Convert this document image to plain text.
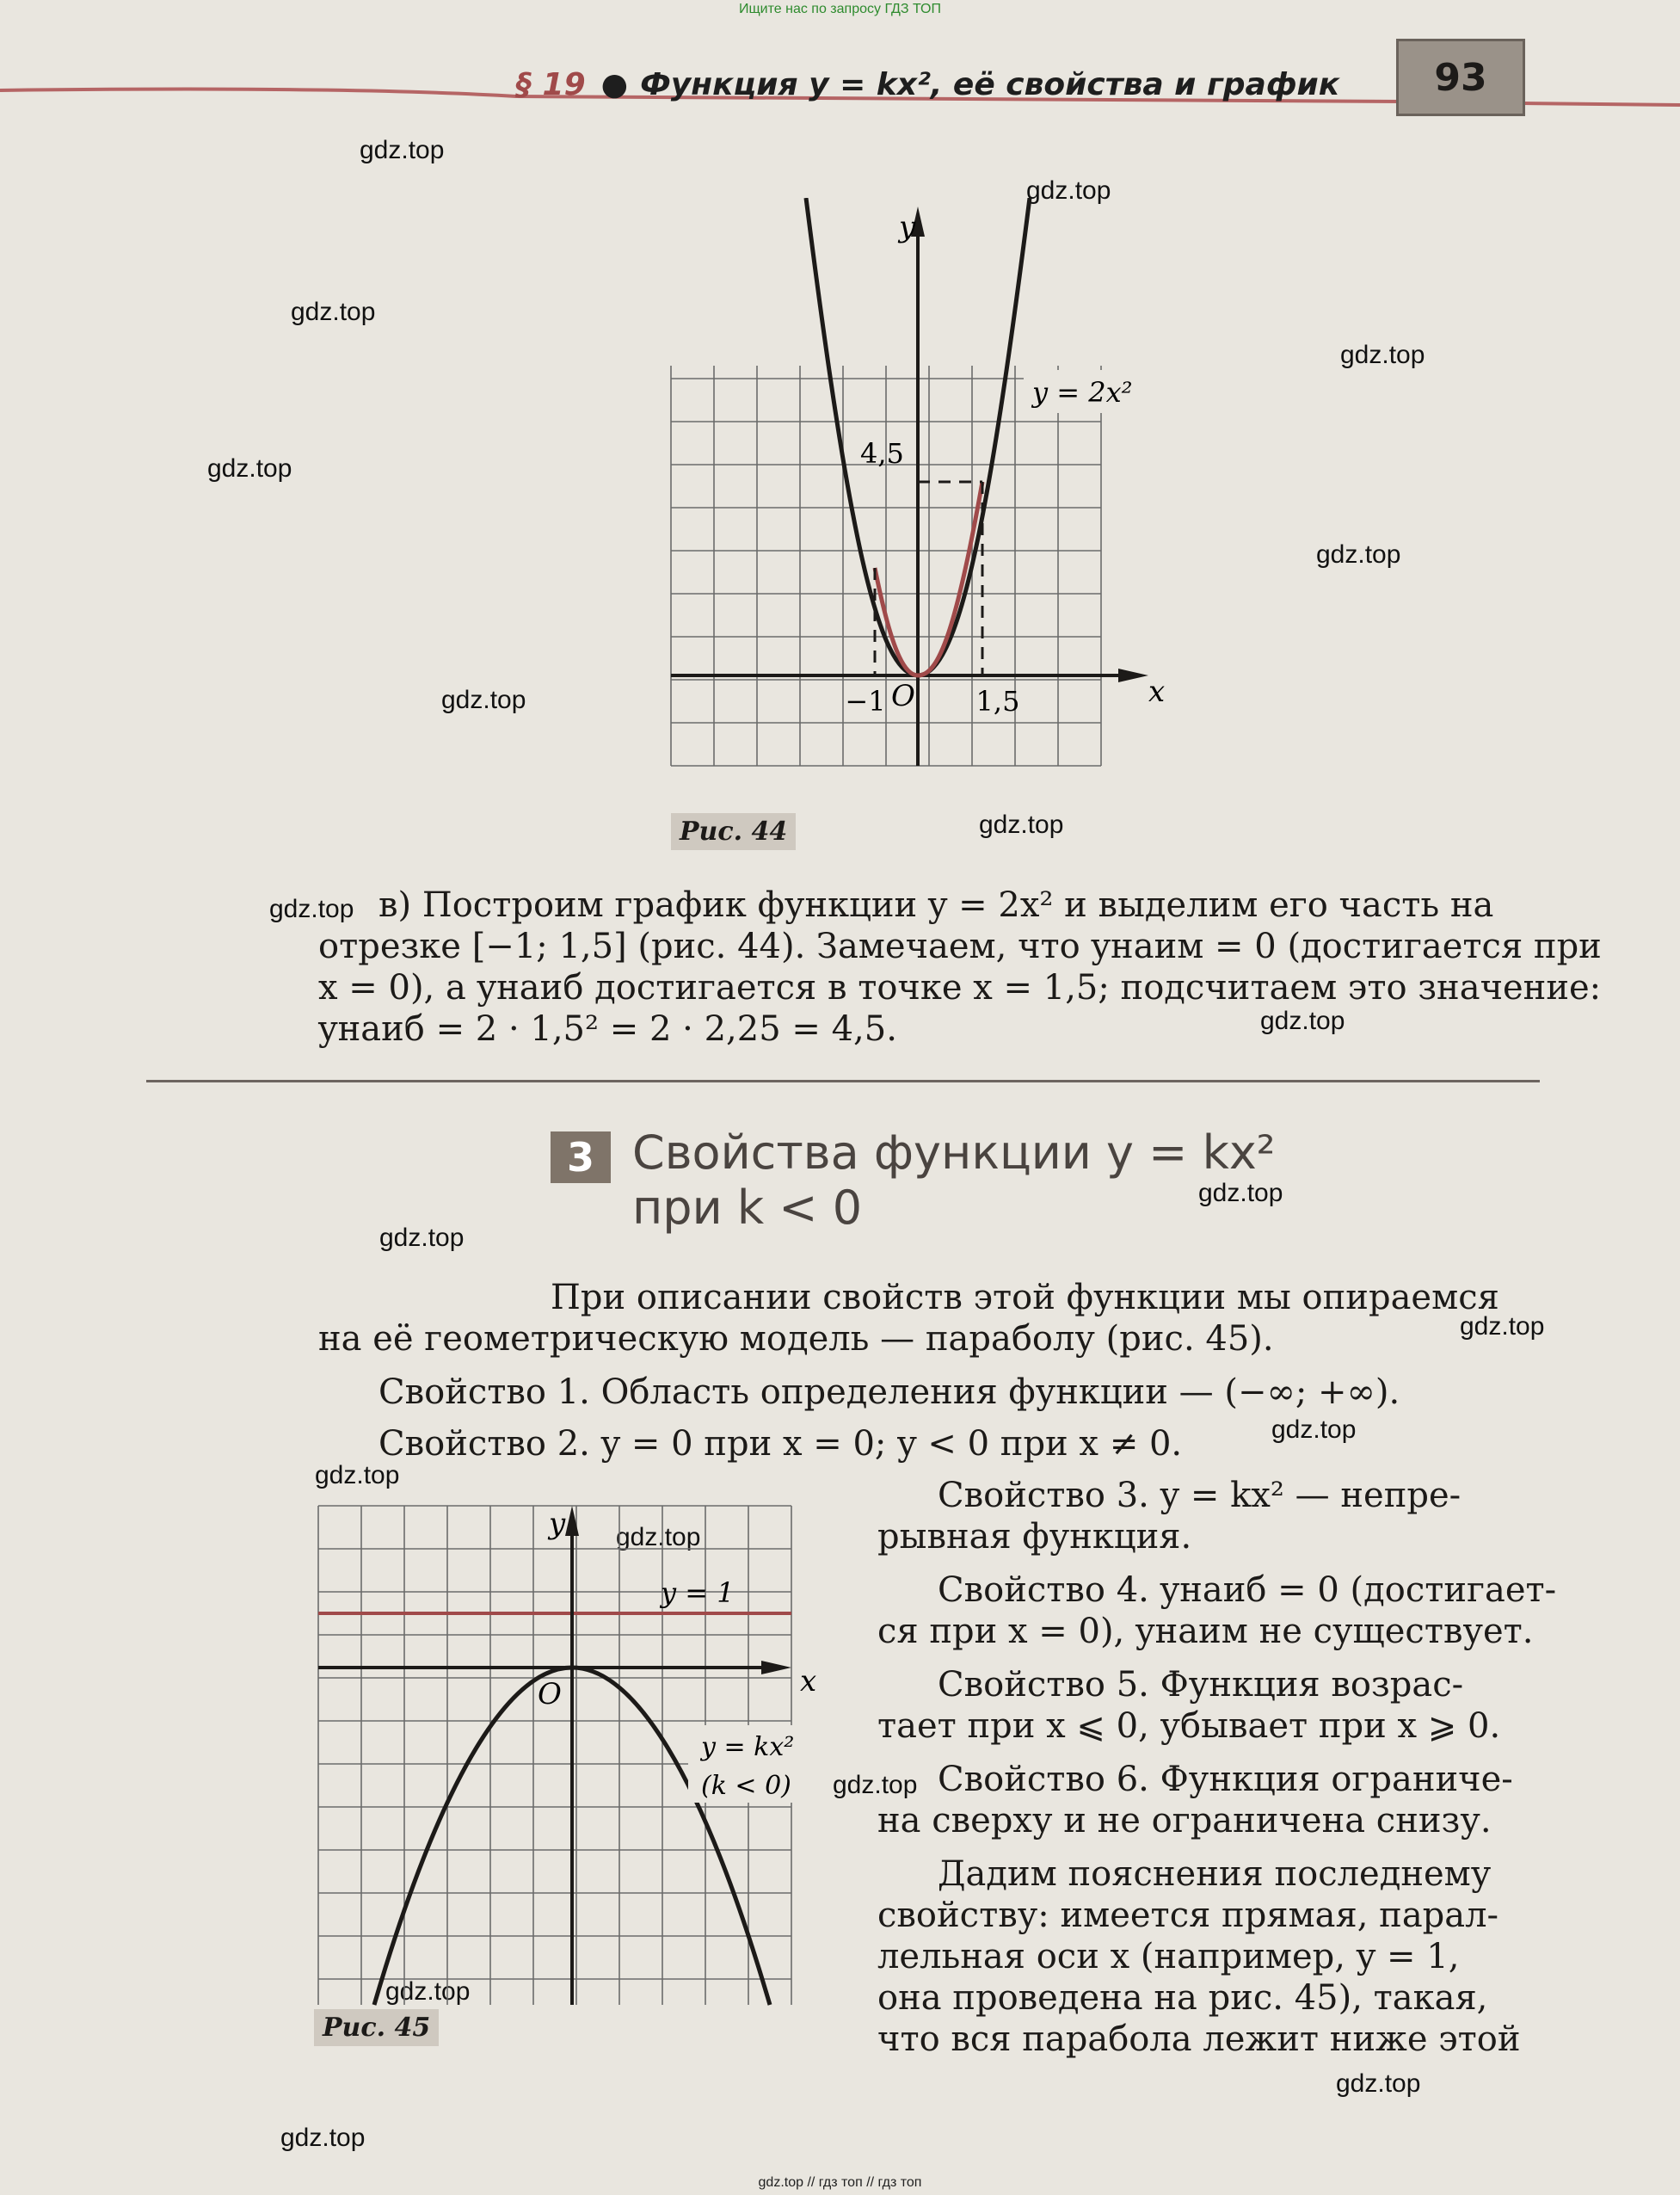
Ищите нас по запросу ГДЗ ТОП
§ 19 ● Функция y = kx², её свойства и график	93
gdz.top
gdz.top
gdz.top
gdz.top
gdz.top
gdz.top
gdz.top
gdz.top
gdz.top
gdz.top
gdz.top
gdz.top
gdz.top
gdz.top
gdz.top
gdz.top
gdz.top
gdz.top
gdz.top
gdz.top
y
x
O
−1	1,5
4,5
y = 2x²
Рис. 44
в) Построим график функции y = 2x² и выделим его часть на
отрезке [−1; 1,5] (рис. 44). Замечаем, что yнаим = 0 (достигается при
x = 0), а yнаиб достигается в точке x = 1,5; подсчитаем это значение:
yнаиб = 2 · 1,5² = 2 · 2,25 = 4,5.
3 Свойства функции y = kx²
при k < 0
При описании свойств этой функции мы опираемся
на её геометрическую модель — параболу (рис. 45).
Свойство 1. Область определения функции — (−∞; +∞).
Свойство 2. y = 0 при x = 0; y < 0 при x ≠ 0.
Свойство 3. y = kx² — непре-
рывная функция.
Свойство 4. yнаиб = 0 (достигает-
ся при x = 0), yнаим не существует.
Свойство 5. Функция возрас-
тает при x ⩽ 0, убывает при x ⩾ 0.
Свойство 6. Функция ограниче-
на сверху и не ограничена снизу.
Дадим пояснения последнему
свойству: имеется прямая, парал-
лельная оси x (например, y = 1,
она проведена на рис. 45), такая,
что вся парабола лежит ниже этой
y
x
O
y = 1
y = kx²
(k < 0)
Рис. 45
gdz.top // гдз топ // гдз топ
